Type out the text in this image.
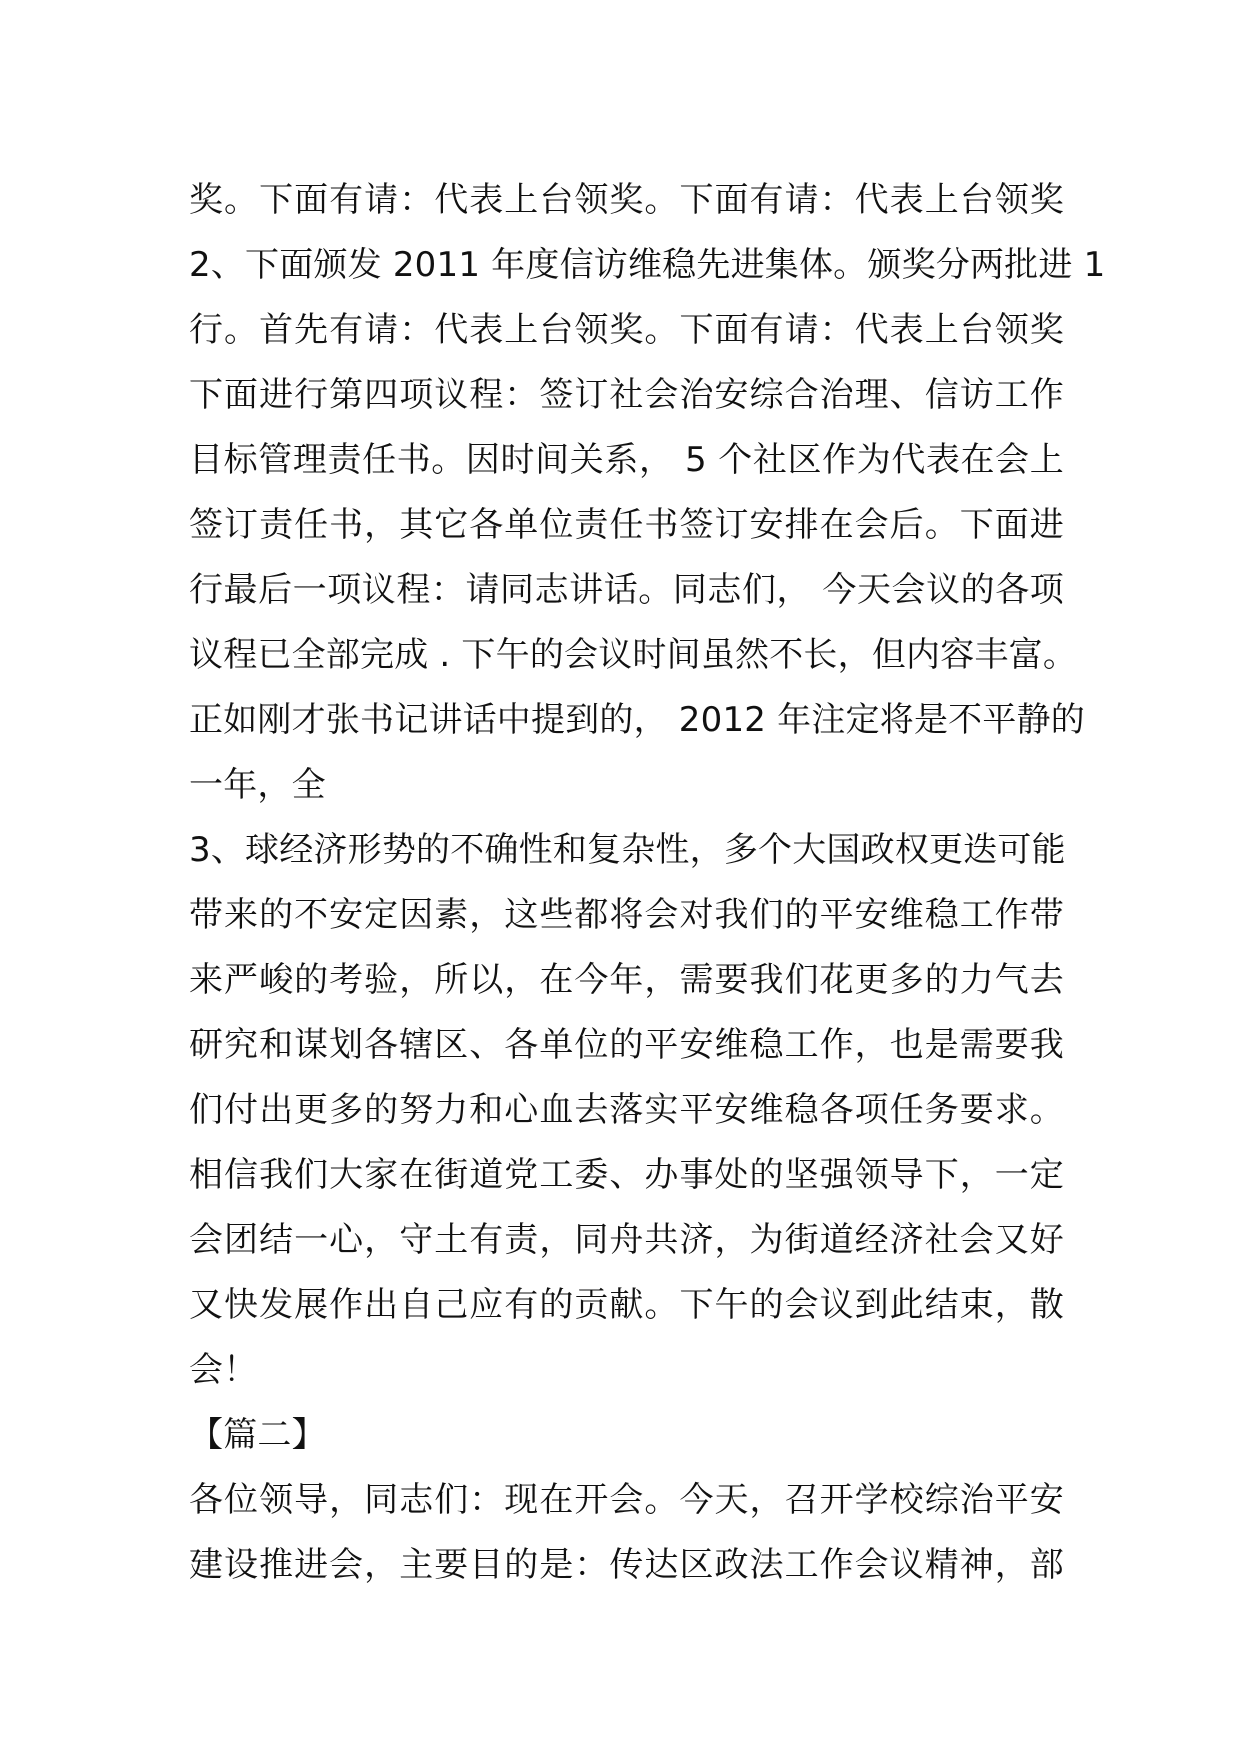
奖。下面有请：代表上台领奖。下面有请：代表上台领奖
2、下面颁发 2011 年度信访维稳先进集体。颁奖分两批进 1
行。首先有请：代表上台领奖。下面有请：代表上台领奖
下面进行第四项议程：签订社会治安综合治理、信访工作
目标管理责任书。因时间关系， 5 个社区作为代表在会上
签订责任书，其它各单位责任书签订安排在会后。下面进
行最后一项议程：请同志讲话。同志们， 今天会议的各项
议程已全部完成 . 下午的会议时间虽然不长，但内容丰富。
正如刚才张书记讲话中提到的， 2012 年注定将是不平静的
一年，全
3、球经济形势的不确性和复杂性，多个大国政权更迭可能
带来的不安定因素，这些都将会对我们的平安维稳工作带
来严峻的考验，所以，在今年，需要我们花更多的力气去
研究和谋划各辖区、各单位的平安维稳工作，也是需要我
们付出更多的努力和心血去落实平安维稳各项任务要求。
相信我们大家在街道党工委、办事处的坚强领导下，一定
会团结一心，守土有责，同舟共济，为街道经济社会又好
又快发展作出自己应有的贡献。下午的会议到此结束，散
会！
【篇二】
各位领导，同志们：现在开会。今天，召开学校综治平安
建设推进会，主要目的是：传达区政法工作会议精神，部
